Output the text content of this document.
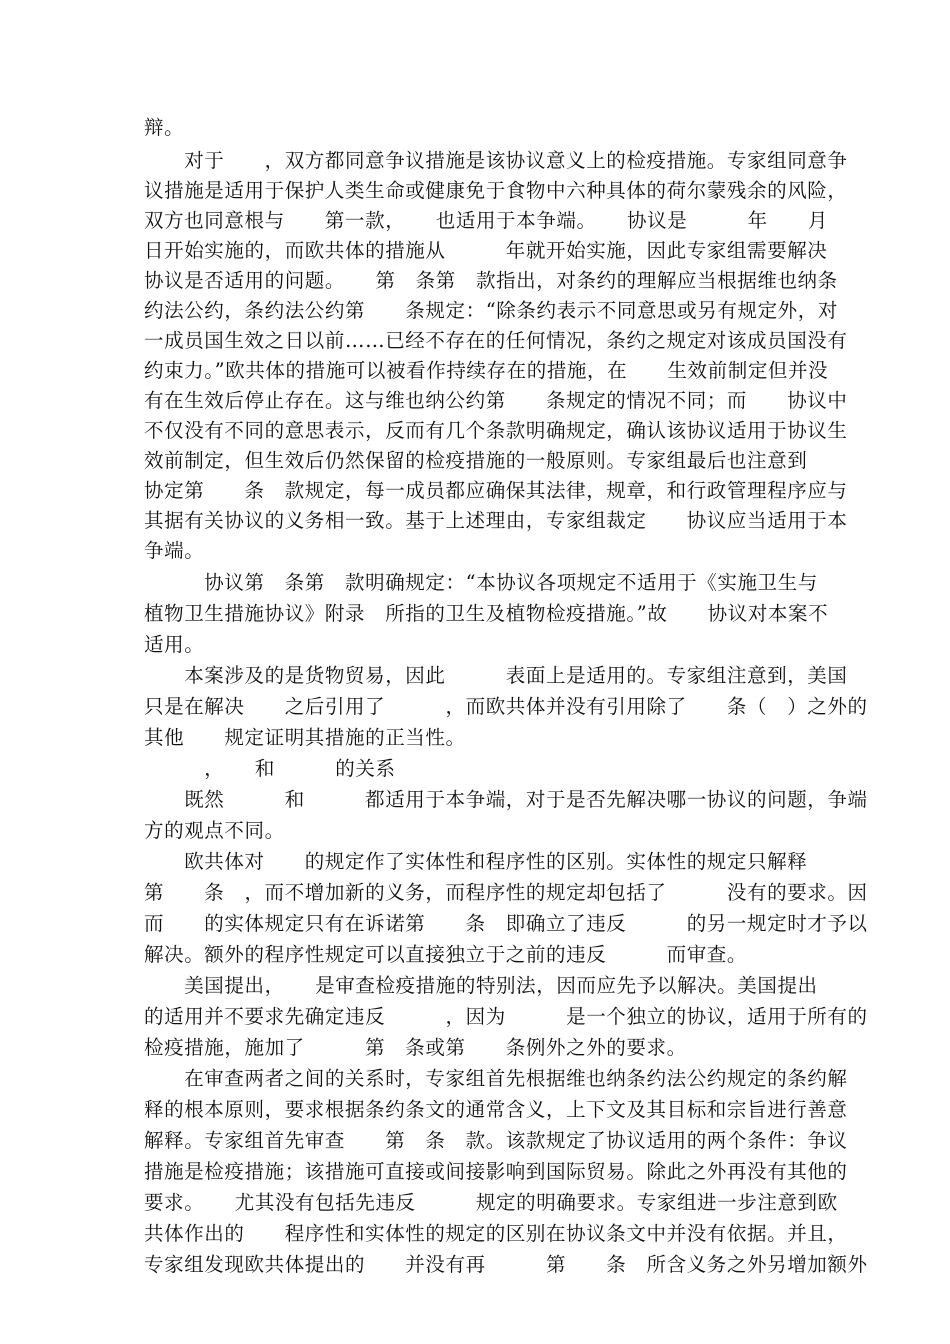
辩。
　　对于　　，双方都同意争议措施是该协议意义上的检疫措施。专家组同意争
议措施是适用于保护人类生命或健康免于食物中六种具体的荷尔蒙残余的风险，
双方也同意根与　　第一款，　　也适用于本争端。　　协议是　　　年　　月
日开始实施的，而欧共体的措施从　　　年就开始实施，因此专家组需要解决
协议是否适用的问题。　　第　条第　款指出，对条约的理解应当根据维也纳条
约法公约，条约法公约第　　条规定：“除条约表示不同意思或另有规定外，对
一成员国生效之日以前……已经不存在的任何情况，条约之规定对该成员国没有
约束力。”欧共体的措施可以被看作持续存在的措施，在　　生效前制定但并没
有在生效后停止存在。这与维也纳公约第　　条规定的情况不同；而　　协议中
不仅没有不同的意思表示，反而有几个条款明确规定，确认该协议适用于协议生
效前制定，但生效后仍然保留的检疫措施的一般原则。专家组最后也注意到
协定第　　条　款规定，每一成员都应确保其法律，规章，和行政管理程序应与
其据有关协议的义务相一致。基于上述理由，专家组裁定　　协议应当适用于本
争端。
　　　协议第　条第　款明确规定：“本协议各项规定不适用于《实施卫生与
植物卫生措施协议》附录　所指的卫生及植物检疫措施。”故　　协议对本案不
适用。
　　本案涉及的是货物贸易，因此　　　表面上是适用的。专家组注意到，美国
只是在解决　　之后引用了　　　，而欧共体并没有引用除了　　条（　）之外的
其他　　规定证明其措施的正当性。
　　　，　　和　　　的关系
　　既然　　　和　　　都适用于本争端，对于是否先解决哪一协议的问题，争端
方的观点不同。
　　欧共体对　　的规定作了实体性和程序性的区别。实体性的规定只解释
第　　条　，而不增加新的义务，而程序性的规定却包括了　　　没有的要求。因
而　　的实体规定只有在诉诺第　　条　即确立了违反　　　的另一规定时才予以
解决。额外的程序性规定可以直接独立于之前的违反　　　而审查。
　　美国提出，　　是审查检疫措施的特别法，因而应先予以解决。美国提出
的适用并不要求先确定违反　　　，因为　　　是一个独立的协议，适用于所有的
检疫措施，施加了　　　第　条或第　　条例外之外的要求。
　　在审查两者之间的关系时，专家组首先根据维也纳条约法公约规定的条约解
释的根本原则，要求根据条约条文的通常含义，上下文及其目标和宗旨进行善意
解释。专家组首先审查　　第　条　款。该款规定了协议适用的两个条件：争议
措施是检疫措施；该措施可直接或间接影响到国际贸易。除此之外再没有其他的
要求。　　尤其没有包括先违反　　　规定的明确要求。专家组进一步注意到欧
共体作出的　　程序性和实体性的规定的区别在协议条文中并没有依据。并且，
专家组发现欧共体提出的　　并没有再　　　第　　条　所含义务之外另增加额外
